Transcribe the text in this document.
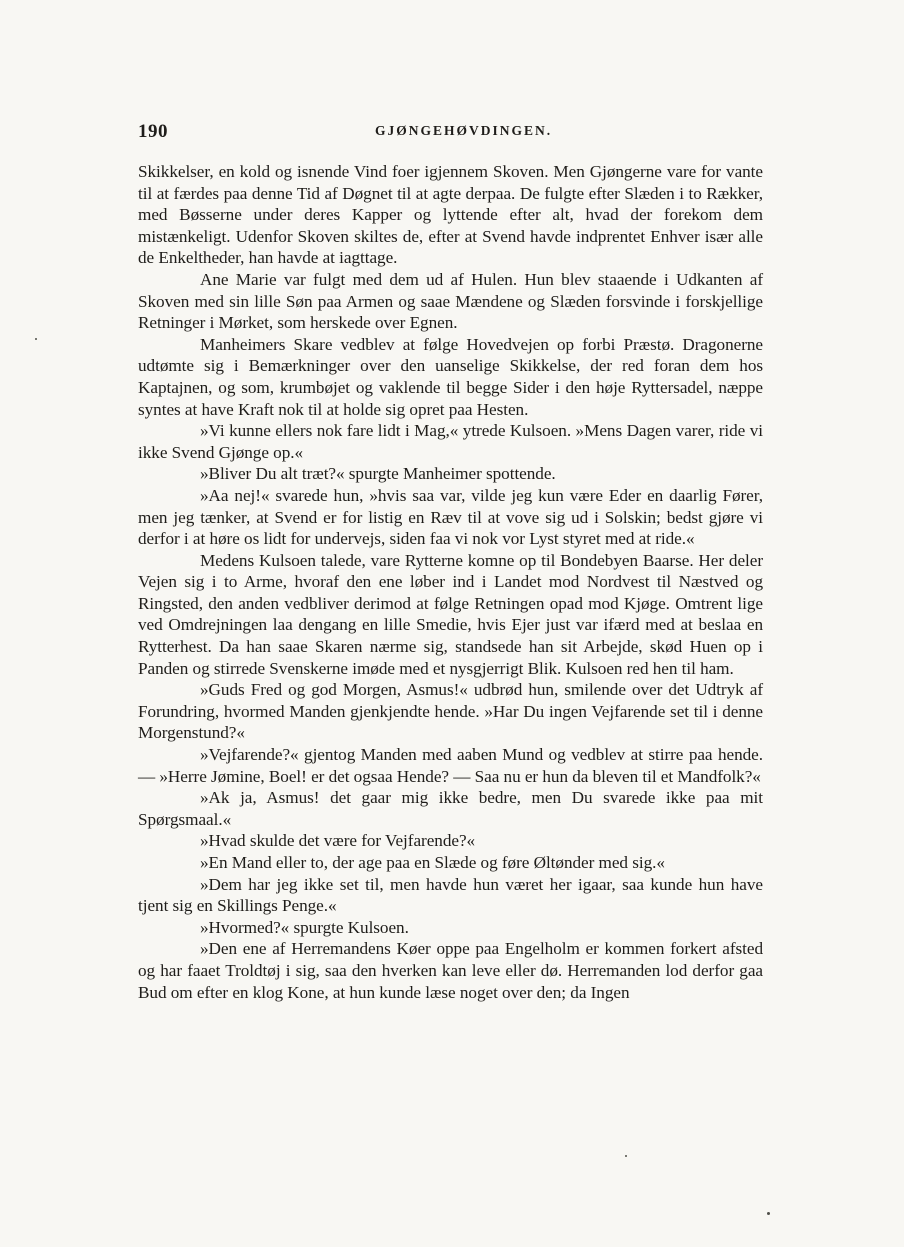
190	GJØNGEHØVDINGEN.

Skikkelser, en kold og isnende Vind foer igjennem Skoven. Men Gjøngerne vare for vante til at færdes paa denne Tid af Døgnet til at agte derpaa. De fulgte efter Slæden i to Rækker, med Bøsserne under deres Kapper og lyttende efter alt, hvad der forekom dem mistænkeligt. Udenfor Skoven skiltes de, efter at Svend havde indprentet Enhver især alle de Enkeltheder, han havde at iagttage.

Ane Marie var fulgt med dem ud af Hulen. Hun blev staaende i Udkanten af Skoven med sin lille Søn paa Armen og saae Mændene og Slæden forsvinde i forskjellige Retninger i Mørket, som herskede over Egnen.

Manheimers Skare vedblev at følge Hovedvejen op forbi Præstø. Dragonerne udtømte sig i Bemærkninger over den uanselige Skikkelse, der red foran dem hos Kaptajnen, og som, krumbøjet og vaklende til begge Sider i den høje Ryttersadel, næppe syntes at have Kraft nok til at holde sig opret paa Hesten.

»Vi kunne ellers nok fare lidt i Mag,« ytrede Kulsoen. »Mens Dagen varer, ride vi ikke Svend Gjønge op.«

»Bliver Du alt træt?« spurgte Manheimer spottende.

»Aa nej!« svarede hun, »hvis saa var, vilde jeg kun være Eder en daarlig Fører, men jeg tænker, at Svend er for listig en Ræv til at vove sig ud i Solskin; bedst gjøre vi derfor i at høre os lidt for undervejs, siden faa vi nok vor Lyst styret med at ride.«

Medens Kulsoen talede, vare Rytterne komne op til Bondebyen Baarse. Her deler Vejen sig i to Arme, hvoraf den ene løber ind i Landet mod Nordvest til Næstved og Ringsted, den anden vedbliver derimod at følge Retningen opad mod Kjøge. Omtrent lige ved Omdrejningen laa dengang en lille Smedie, hvis Ejer just var ifærd med at beslaa en Rytterhest. Da han saae Skaren nærme sig, standsede han sit Arbejde, skød Huen op i Panden og stirrede Svenskerne imøde med et nysgjerrigt Blik. Kulsoen red hen til ham.

»Guds Fred og god Morgen, Asmus!« udbrød hun, smilende over det Udtryk af Forundring, hvormed Manden gjenkjendte hende. »Har Du ingen Vejfarende set til i denne Morgenstund?«

»Vejfarende?« gjentog Manden med aaben Mund og vedblev at stirre paa hende. — »Herre Jømine, Boel! er det ogsaa Hende? — Saa nu er hun da bleven til et Mandfolk?«

»Ak ja, Asmus! det gaar mig ikke bedre, men Du svarede ikke paa mit Spørgsmaal.«

»Hvad skulde det være for Vejfarende?«

»En Mand eller to, der age paa en Slæde og føre Øltønder med sig.«

»Dem har jeg ikke set til, men havde hun været her igaar, saa kunde hun have tjent sig en Skillings Penge.«

»Hvormed?« spurgte Kulsoen.

»Den ene af Herremandens Køer oppe paa Engelholm er kommen forkert afsted og har faaet Troldtøj i sig, saa den hverken kan leve eller dø. Herremanden lod derfor gaa Bud om efter en klog Kone, at hun kunde læse noget over den; da Ingen
